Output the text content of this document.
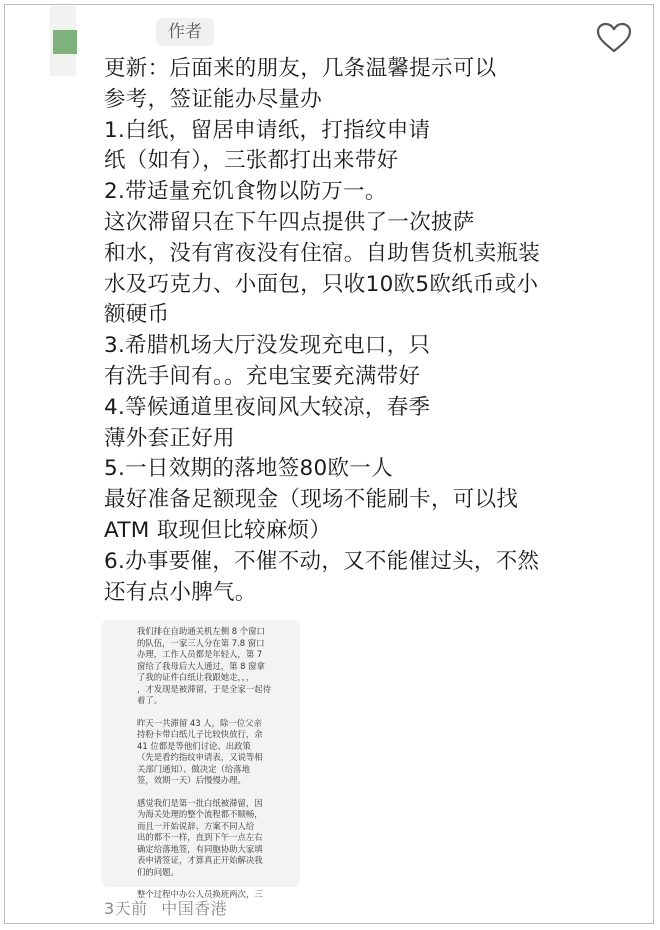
作者
更新：后面来的朋友，几条温馨提示可以
参考，签证能办尽量办
1.白纸，留居申请纸，打指纹申请
纸（如有），三张都打出来带好
2.带适量充饥食物以防万一。
这次滞留只在下午四点提供了一次披萨
和水，没有宵夜没有住宿。自助售货机卖瓶装
水及巧克力、小面包，只收10欧5欧纸币或小
额硬币
3.希腊机场大厅没发现充电口，只
有洗手间有。。充电宝要充满带好
4.等候通道里夜间风大较凉，春季
薄外套正好用
5.一日效期的落地签80欧一人
最好准备足额现金（现场不能刷卡，可以找
ATM 取现但比较麻烦）
6.办事要催，不催不动，又不能催过头，不然
还有点小脾气。
我们排在自助通关机左侧 8 个窗口
的队伍，一家三人分在第 7.8 窗口
办理，工作人员都是年轻人，第 7
窗给了我母后大人通过，第 8 窗拿
了我的证件白纸让我跟她走，，，
，才发现是被滞留，于是全家一起待
着了。
昨天一共滞留 43 人，除一位父亲
持粉卡带白纸儿子比较快放行，余
41 位都是等他们讨论、出政策
（先是看约指纹申请表，又说等相
关部门通知）、做决定（给落地
签，效期一天）后慢慢办理。
感觉我们是第一批白纸被滞留，因
为海关处理的整个流程都不顺畅，
而且一开始说辞、方案不同人给
出的都不一样，直到下午一点左右
确定给落地签，有同胞协助大家填
表申请签证，才算真正开始解决我
们的问题。
整个过程中办公人员换班两次，三
3天前 中国香港
